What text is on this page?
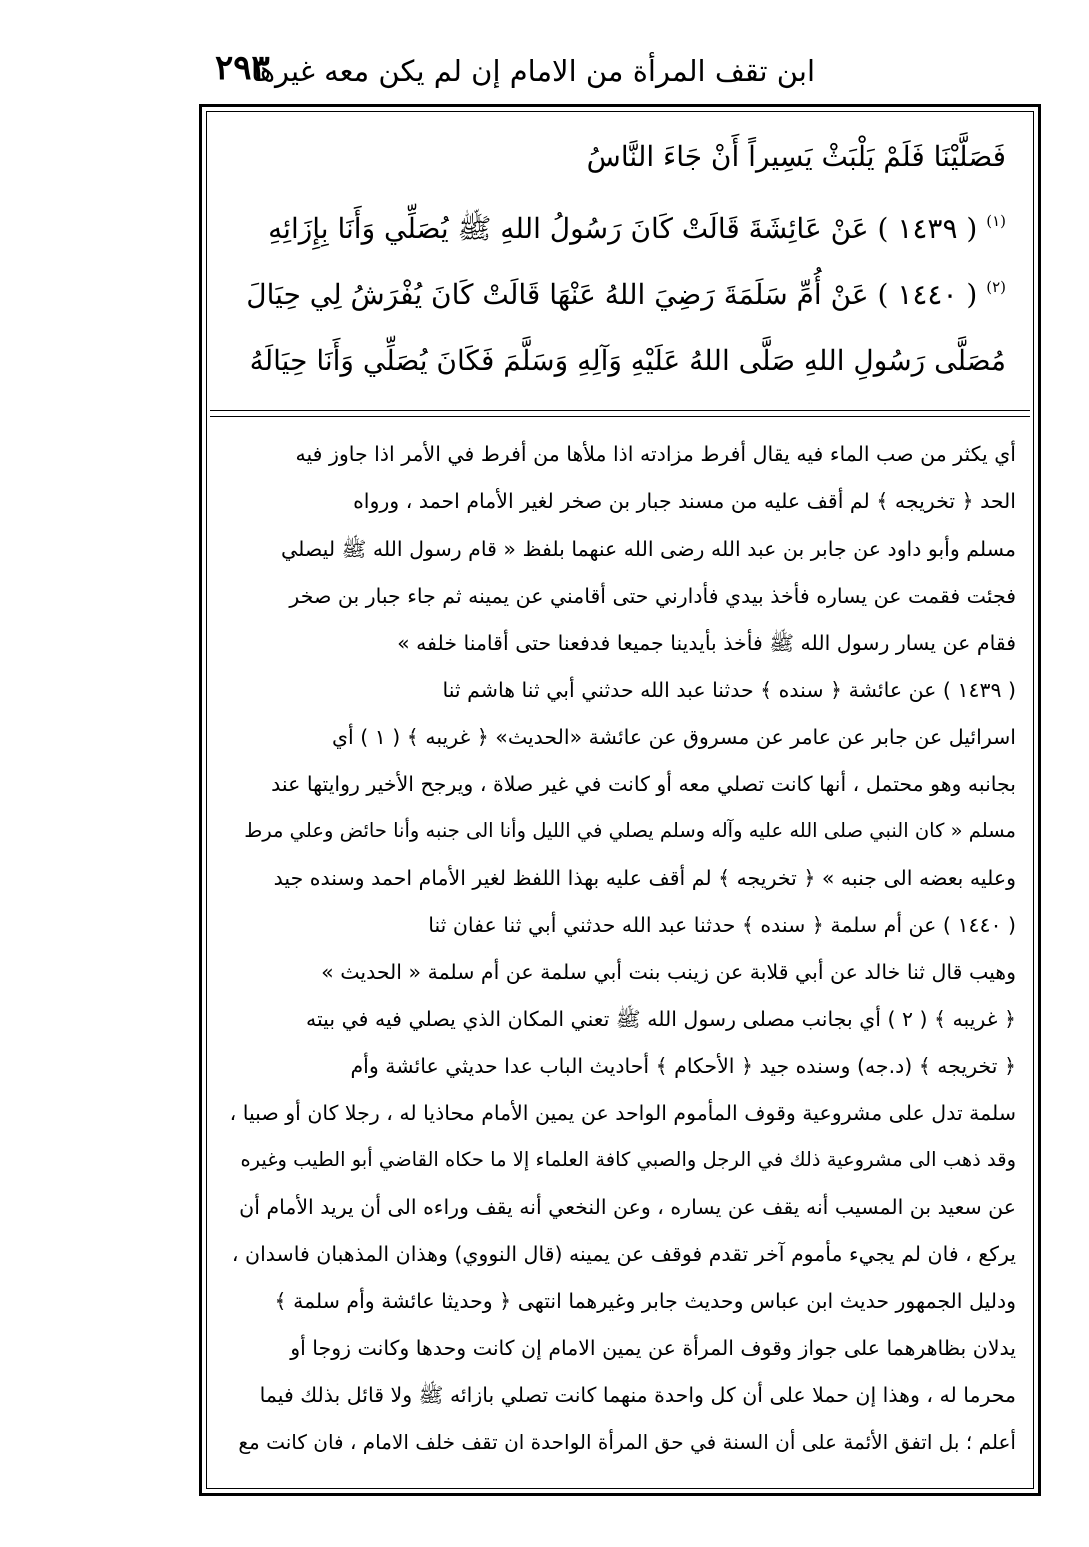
ابن تقف المرأة من الامام إن لم يكن معه غيرها
٢٩٣
فَصَلَّيْنَا فَلَمْ يَلْبَثْ يَسِيراً أَنْ جَاءَ النَّاسُ
$^{(١)}$ ( ١٤٣٩ ) عَنْ عَائِشَةَ قَالَتْ كَانَ رَسُولُ اللهِ ﷺ يُصَلِّي وَأَنَا بِإِزَائِهِ
$^{(٢)}$ ( ١٤٤٠ ) عَنْ أُمِّ سَلَمَةَ رَضِيَ اللهُ عَنْهَا قَالَتْ كَانَ يُفْرَشُ لِي حِيَالَ
مُصَلَّى رَسُولِ اللهِ صَلَّى اللهُ عَلَيْهِ وَآلِهِ وَسَلَّمَ فَكَانَ يُصَلِّي وَأَنَا حِيَالَهُ
أي يكثر من صب الماء فيه يقال أفرط مزادته اذا ملأها من أفرط في الأمر اذا جاوز فيه
الحد ﴿ تخريجه ﴾ لم أقف عليه من مسند جبار بن صخر لغير الأمام احمد ، ورواه
مسلم وأبو داود عن جابر بن عبد الله رضى الله عنهما بلفظ « قام رسول الله ﷺ ليصلي
فجئت فقمت عن يساره فأخذ بيدي فأدارني حتى أقامني عن يمينه ثم جاء جبار بن صخر
فقام عن يسار رسول الله ﷺ فأخذ بأيدينا جميعا فدفعنا حتى أقامنا خلفه »
( ١٤٣٩ ) عن عائشة ﴿ سنده ﴾ حدثنا عبد الله حدثني أبي ثنا هاشم ثنا
اسرائيل عن جابر عن عامر عن مسروق عن عائشة «الحديث» ﴿ غريبه ﴾ ( ١ ) أي
بجانبه وهو محتمل ، أنها كانت تصلي معه أو كانت في غير صلاة ، ويرجح الأخير روايتها عند
مسلم « كان النبي صلى الله عليه وآله وسلم يصلي في الليل وأنا الى جنبه وأنا حائض وعلي مرط
وعليه بعضه الى جنبه » ﴿ تخريجه ﴾ لم أقف عليه بهذا اللفظ لغير الأمام احمد وسنده جيد
( ١٤٤٠ ) عن أم سلمة ﴿ سنده ﴾ حدثنا عبد الله حدثني أبي ثنا عفان ثنا
وهيب قال ثنا خالد عن أبي قلابة عن زينب بنت أبي سلمة عن أم سلمة « الحديث »
﴿ غريبه ﴾ ( ٢ ) أي بجانب مصلى رسول الله ﷺ تعني المكان الذي يصلي فيه في بيته
﴿ تخريجه ﴾ (د.جه) وسنده جيد ﴿ الأحكام ﴾ أحاديث الباب عدا حديثي عائشة وأم
سلمة تدل على مشروعية وقوف المأموم الواحد عن يمين الأمام محاذيا له ، رجلا كان أو صبيا ،
وقد ذهب الى مشروعية ذلك في الرجل والصبي كافة العلماء إلا ما حكاه القاضي أبو الطيب وغيره
عن سعيد بن المسيب أنه يقف عن يساره ، وعن النخعي أنه يقف وراءه الى أن يريد الأمام أن
يركع ، فان لم يجيء مأموم آخر تقدم فوقف عن يمينه (قال النووي) وهذان المذهبان فاسدان ،
ودليل الجمهور حديث ابن عباس وحديث جابر وغيرهما انتهى ﴿ وحديثا عائشة وأم سلمة ﴾
يدلان بظاهرهما على جواز وقوف المرأة عن يمين الامام إن كانت وحدها وكانت زوجا أو
محرما له ، وهذا إن حملا على أن كل واحدة منهما كانت تصلي بازائه ﷺ ولا قائل بذلك فيما
أعلم ؛ بل اتفق الأئمة على أن السنة في حق المرأة الواحدة ان تقف خلف الامام ، فان كانت مع
